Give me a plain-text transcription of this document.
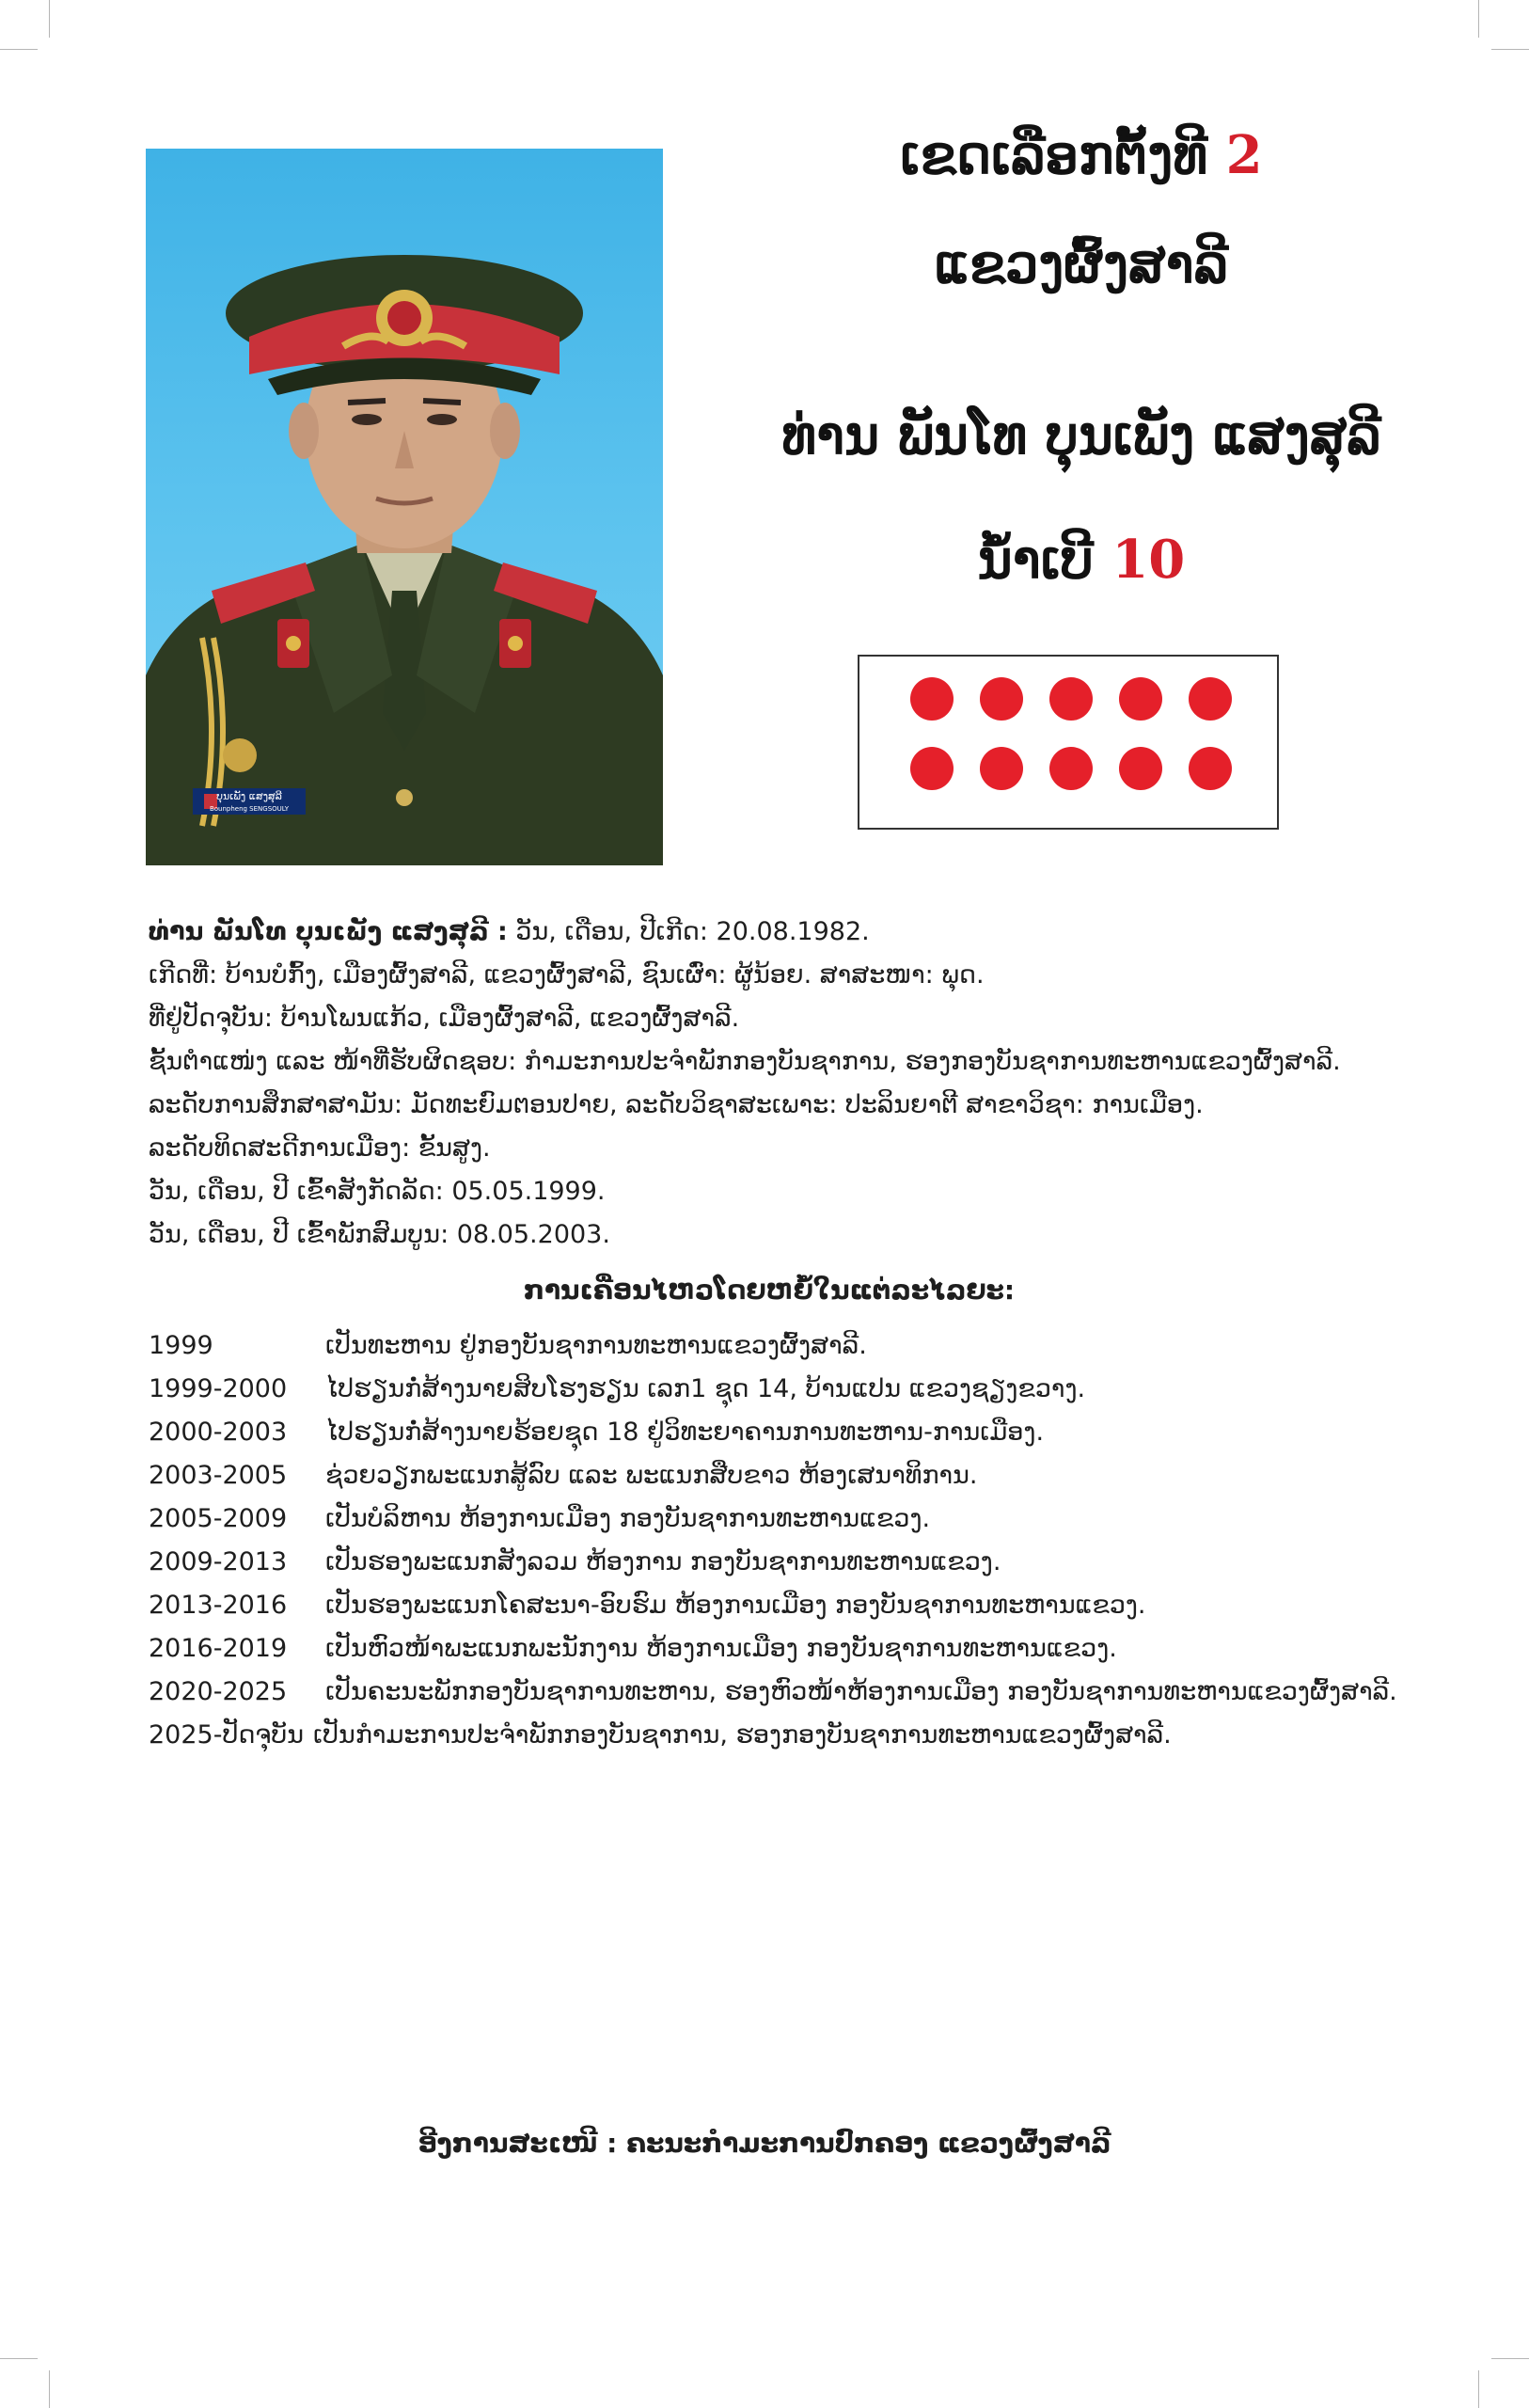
ບຸນເພັງ ແສງສຸລີ
Bounpheng SENGSOULY
ເຂດເລືອກຕັ້ງທີ 2
ແຂວງຜົ້ງສາລີ
ທ່ານ ພັນໂທ ບຸນເພັງ ແສງສຸລີ
ນ້ຳເບີ 10
ທ່ານ ພັນໂທ ບຸນເພັງ ແສງສຸລີ : ວັນ, ເດືອນ, ປີເກີດ: 20.08.1982.
ເກີດທີ່: ບ້ານບໍກົ້ງ, ເມືອງຜົ້ງສາລີ, ແຂວງຜົ້ງສາລີ, ຊົນເຜົ່າ: ຜູ້ນ້ອຍ. ສາສະໜາ: ພຸດ.
ທີ່ຢູ່ປັດຈຸບັນ: ບ້ານໂພນແກ້ວ, ເມືອງຜົ້ງສາລີ, ແຂວງຜົ້ງສາລີ.
ຊັ້ນຕຳແໜ່ງ ແລະ ໜ້າທີ່ຮັບຜິດຊອບ: ກຳມະການປະຈຳພັກກອງບັນຊາການ, ຮອງກອງບັນຊາການທະຫານແຂວງຜົ້ງສາລີ.
ລະດັບການສຶກສາສາມັນ: ມັດທະຍົມຕອນປາຍ, ລະດັບວິຊາສະເພາະ: ປະລິນຍາຕີ ສາຂາວິຊາ: ການເມືອງ.
ລະດັບທິດສະດີການເມືອງ: ຂັ້ນສູງ.
ວັນ, ເດືອນ, ປີ ເຂົ້າສັງກັດລັດ: 05.05.1999.
ວັນ, ເດືອນ, ປີ ເຂົ້າພັກສົມບູນ: 08.05.2003.
ການເຄື່ອນໄຫວໂດຍຫຍໍ້ໃນແຕ່ລະໄລຍະ:
1999	ເປັນທະຫານ ຢູ່ກອງບັນຊາການທະຫານແຂວງຜົ້ງສາລີ.
1999-2000	ໄປຮຽນກໍ່ສ້າງນາຍສິບໂຮງຮຽນ ເລກ1 ຊຸດ 14, ບ້ານແປນ ແຂວງຊຽງຂວາງ.
2000-2003	ໄປຮຽນກໍ່ສ້າງນາຍຮ້ອຍຊຸດ 18 ຢູ່ວິທະຍາຄານການທະຫານ-ການເມືອງ.
2003-2005	ຊ່ວຍວຽກພະແນກສູ້ລົບ ແລະ ພະແນກສືບຂາວ ຫ້ອງເສນາທິການ.
2005-2009	ເປັນບໍລິຫານ ຫ້ອງການເມືອງ ກອງບັນຊາການທະຫານແຂວງ.
2009-2013	ເປັນຮອງພະແນກສັງລວມ ຫ້ອງການ ກອງບັນຊາການທະຫານແຂວງ.
2013-2016	ເປັນຮອງພະແນກໂຄສະນາ-ອົບຮົມ ຫ້ອງການເມືອງ ກອງບັນຊາການທະຫານແຂວງ.
2016-2019	ເປັນຫົວໜ້າພະແນກພະນັກງານ ຫ້ອງການເມືອງ ກອງບັນຊາການທະຫານແຂວງ.
2020-2025	ເປັນຄະນະພັກກອງບັນຊາການທະຫານ, ຮອງຫົວໜ້າຫ້ອງການເມືອງ ກອງບັນຊາການທະຫານແຂວງຜົ້ງສາລີ.
2025-ປັດຈຸບັນ ເປັນກຳມະການປະຈຳພັກກອງບັນຊາການ, ຮອງກອງບັນຊາການທະຫານແຂວງຜົ້ງສາລີ.
ອີງການສະເໜີ : ຄະນະກຳມະການປົກຄອງ ແຂວງຜົ້ງສາລີ
